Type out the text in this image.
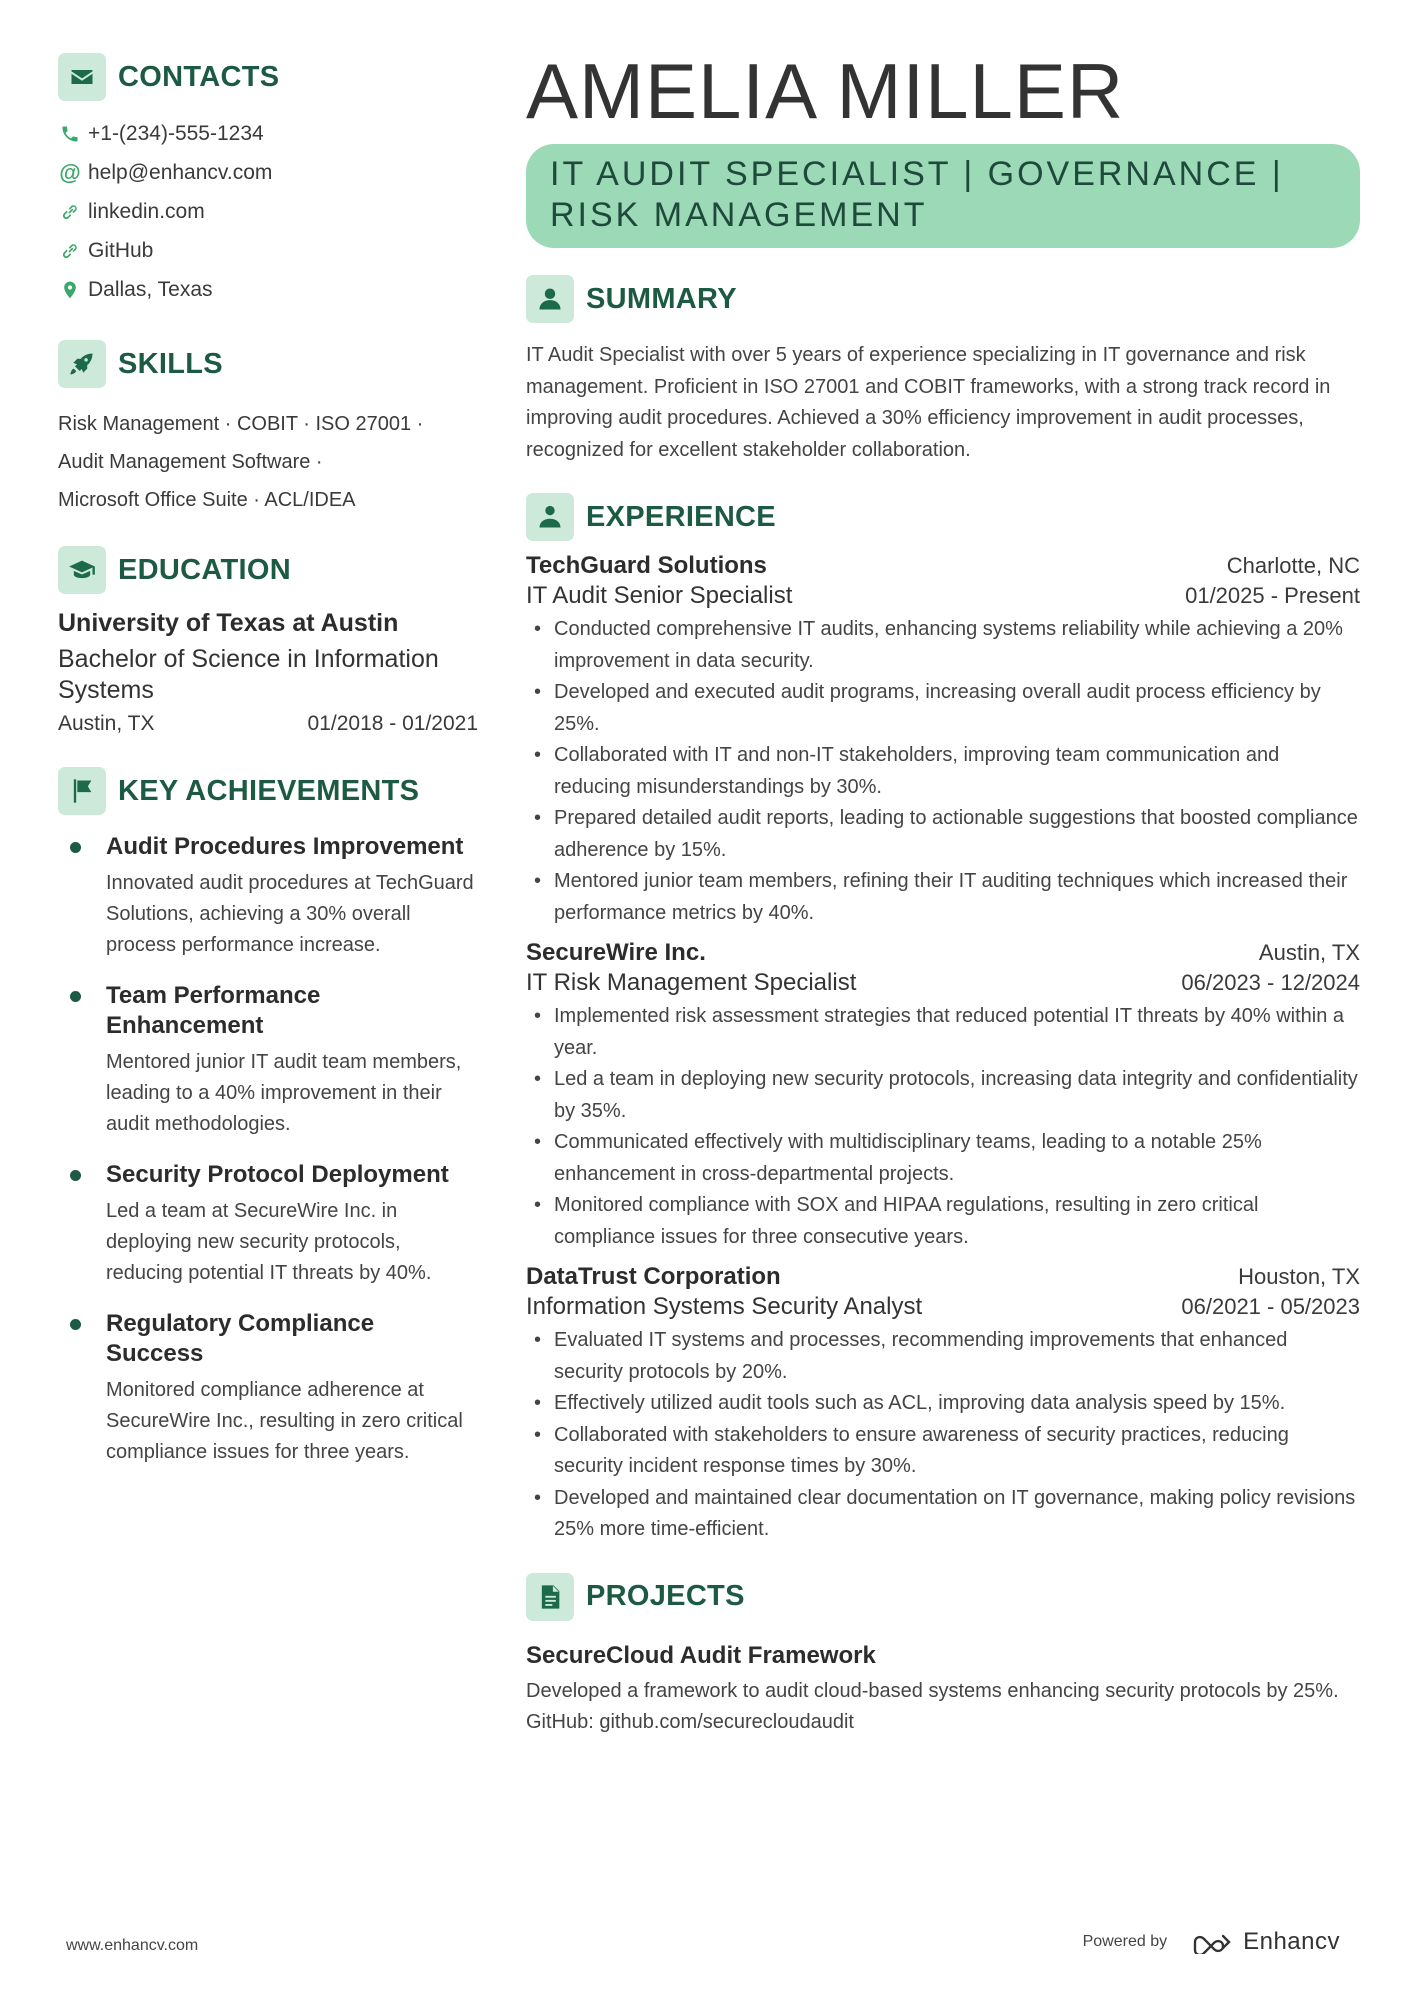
CONTACTS
+1-(234)-555-1234
@ help@enhancv.com
linkedin.com
GitHub
Dallas, Texas
SKILLS
Risk Management · COBIT · ISO 27001 ·
Audit Management Software ·
Microsoft Office Suite · ACL/IDEA
EDUCATION
University of Texas at Austin
Bachelor of Science in Information Systems
Austin, TX	01/2018 - 01/2021
KEY ACHIEVEMENTS
Audit Procedures Improvement
Innovated audit procedures at TechGuard Solutions, achieving a 30% overall process performance increase.
Team Performance Enhancement
Mentored junior IT audit team members, leading to a 40% improvement in their audit methodologies.
Security Protocol Deployment
Led a team at SecureWire Inc. in deploying new security protocols, reducing potential IT threats by 40%.
Regulatory Compliance Success
Monitored compliance adherence at SecureWire Inc., resulting in zero critical compliance issues for three years.
AMELIA MILLER
IT AUDIT SPECIALIST | GOVERNANCE | RISK MANAGEMENT
SUMMARY
IT Audit Specialist with over 5 years of experience specializing in IT governance and risk management. Proficient in ISO 27001 and COBIT frameworks, with a strong track record in improving audit procedures. Achieved a 30% efficiency improvement in audit processes, recognized for excellent stakeholder collaboration.
EXPERIENCE
TechGuard Solutions	Charlotte, NC
IT Audit Senior Specialist	01/2025 - Present
• Conducted comprehensive IT audits, enhancing systems reliability while achieving a 20% improvement in data security.
• Developed and executed audit programs, increasing overall audit process efficiency by 25%.
• Collaborated with IT and non-IT stakeholders, improving team communication and reducing misunderstandings by 30%.
• Prepared detailed audit reports, leading to actionable suggestions that boosted compliance adherence by 15%.
• Mentored junior team members, refining their IT auditing techniques which increased their performance metrics by 40%.
SecureWire Inc.	Austin, TX
IT Risk Management Specialist	06/2023 - 12/2024
• Implemented risk assessment strategies that reduced potential IT threats by 40% within a year.
• Led a team in deploying new security protocols, increasing data integrity and confidentiality by 35%.
• Communicated effectively with multidisciplinary teams, leading to a notable 25% enhancement in cross-departmental projects.
• Monitored compliance with SOX and HIPAA regulations, resulting in zero critical compliance issues for three consecutive years.
DataTrust Corporation	Houston, TX
Information Systems Security Analyst	06/2021 - 05/2023
• Evaluated IT systems and processes, recommending improvements that enhanced security protocols by 20%.
• Effectively utilized audit tools such as ACL, improving data analysis speed by 15%.
• Collaborated with stakeholders to ensure awareness of security practices, reducing security incident response times by 30%.
• Developed and maintained clear documentation on IT governance, making policy revisions 25% more time-efficient.
PROJECTS
SecureCloud Audit Framework
Developed a framework to audit cloud-based systems enhancing security protocols by 25%. GitHub: github.com/securecloudaudit
www.enhancv.com	Powered by	Enhancv
